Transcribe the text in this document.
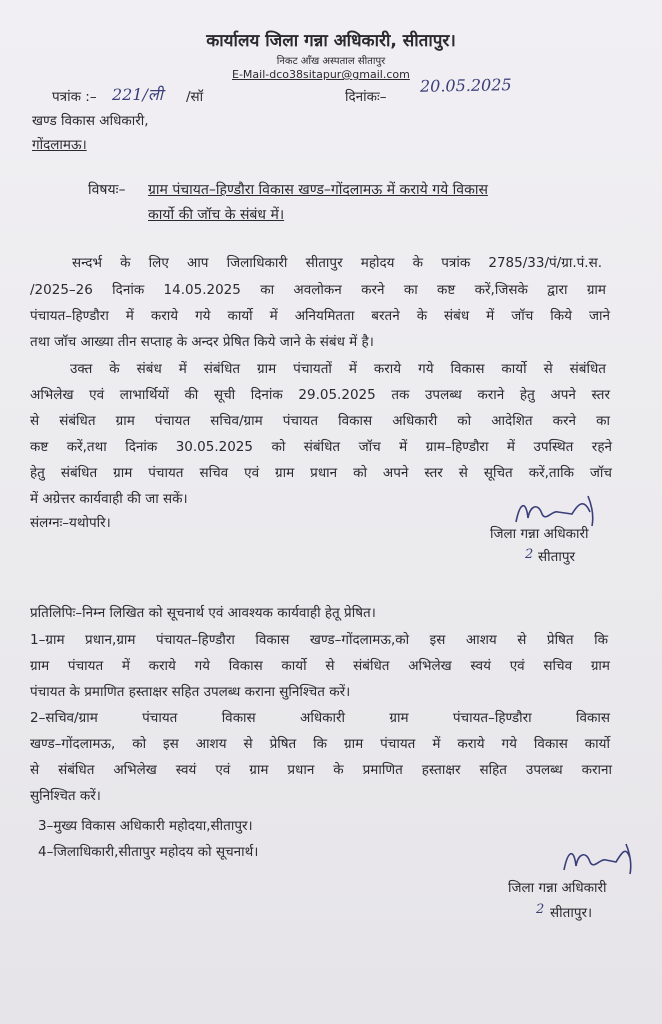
कार्यालय जिला गन्ना अधिकारी, सीतापुर।
निकट आँख अस्पताल सीतापुर
E-Mail-dco38sitapur@gmail.com
पत्रांक :– 221/ली /सॉ	दिनांकः–
20.05.2025
खण्ड विकास अधिकारी,
गोंदलामऊ।
विषयः– ग्राम पंचायत–हिण्डौरा विकास खण्ड–गोंदलामऊ में कराये गये विकास
कार्यो की जॉच के संबंध में।
सन्दर्भ के लिए आप जिलाधिकारी सीतापुर महोदय के पत्रांक 2785/33/पं/ग्रा.पं.स.
/2025–26 दिनांक 14.05.2025 का अवलोकन करने का कष्ट करें,जिसके द्वारा ग्राम
पंचायत–हिण्डौरा में कराये गये कार्यो में अनियमितता बरतने के संबंध में जॉच किये जाने
तथा जॉच आख्या तीन सप्ताह के अन्दर प्रेषित किये जाने के संबंध में है।
उक्त के संबंध में संबंधित ग्राम पंचायतों में कराये गये विकास कार्यो से संबंधित
अभिलेख एवं लाभार्थियों की सूची दिनांक 29.05.2025 तक उपलब्ध कराने हेतु अपने स्तर
से संबंधित ग्राम पंचायत सचिव/ग्राम पंचायत विकास अधिकारी को आदेशित करने का
कष्ट करें,तथा दिनांक 30.05.2025 को संबंधित जॉच में ग्राम–हिण्डौरा में उपस्थित रहने
हेतु संबंधित ग्राम पंचायत सचिव एवं ग्राम प्रधान को अपने स्तर से सूचित करें,ताकि जॉच
में अग्रेत्तर कार्यवाही की जा सकें।
संलग्नः–यथोपरि।
जिला गन्ना अधिकारी
2 सीतापुर
प्रतिलिपिः–निम्न लिखित को सूचनार्थ एवं आवश्यक कार्यवाही हेतू प्रेषित।
1–ग्राम प्रधान,ग्राम पंचायत–हिण्डौरा विकास खण्ड–गोंदलामऊ,को इस आशय से प्रेषित कि
ग्राम पंचायत में कराये गये विकास कार्यो से संबंधित अभिलेख स्वयं एवं सचिव ग्राम
पंचायत के प्रमाणित हस्ताक्षर सहित उपलब्ध कराना सुनिश्चित करें।
2–सचिव/ग्राम पंचायत विकास अधिकारी ग्राम पंचायत–हिण्डौरा विकास
खण्ड–गोंदलामऊ, को इस आशय से प्रेषित कि ग्राम पंचायत में कराये गये विकास कार्यो
से संबंधित अभिलेख स्वयं एवं ग्राम प्रधान के प्रमाणित हस्ताक्षर सहित उपलब्ध कराना
सुनिश्चित करें।
3–मुख्य विकास अधिकारी महोदया,सीतापुर।
4–जिलाधिकारी,सीतापुर महोदय को सूचनार्थ।
जिला गन्ना अधिकारी
2 सीतापुर।
